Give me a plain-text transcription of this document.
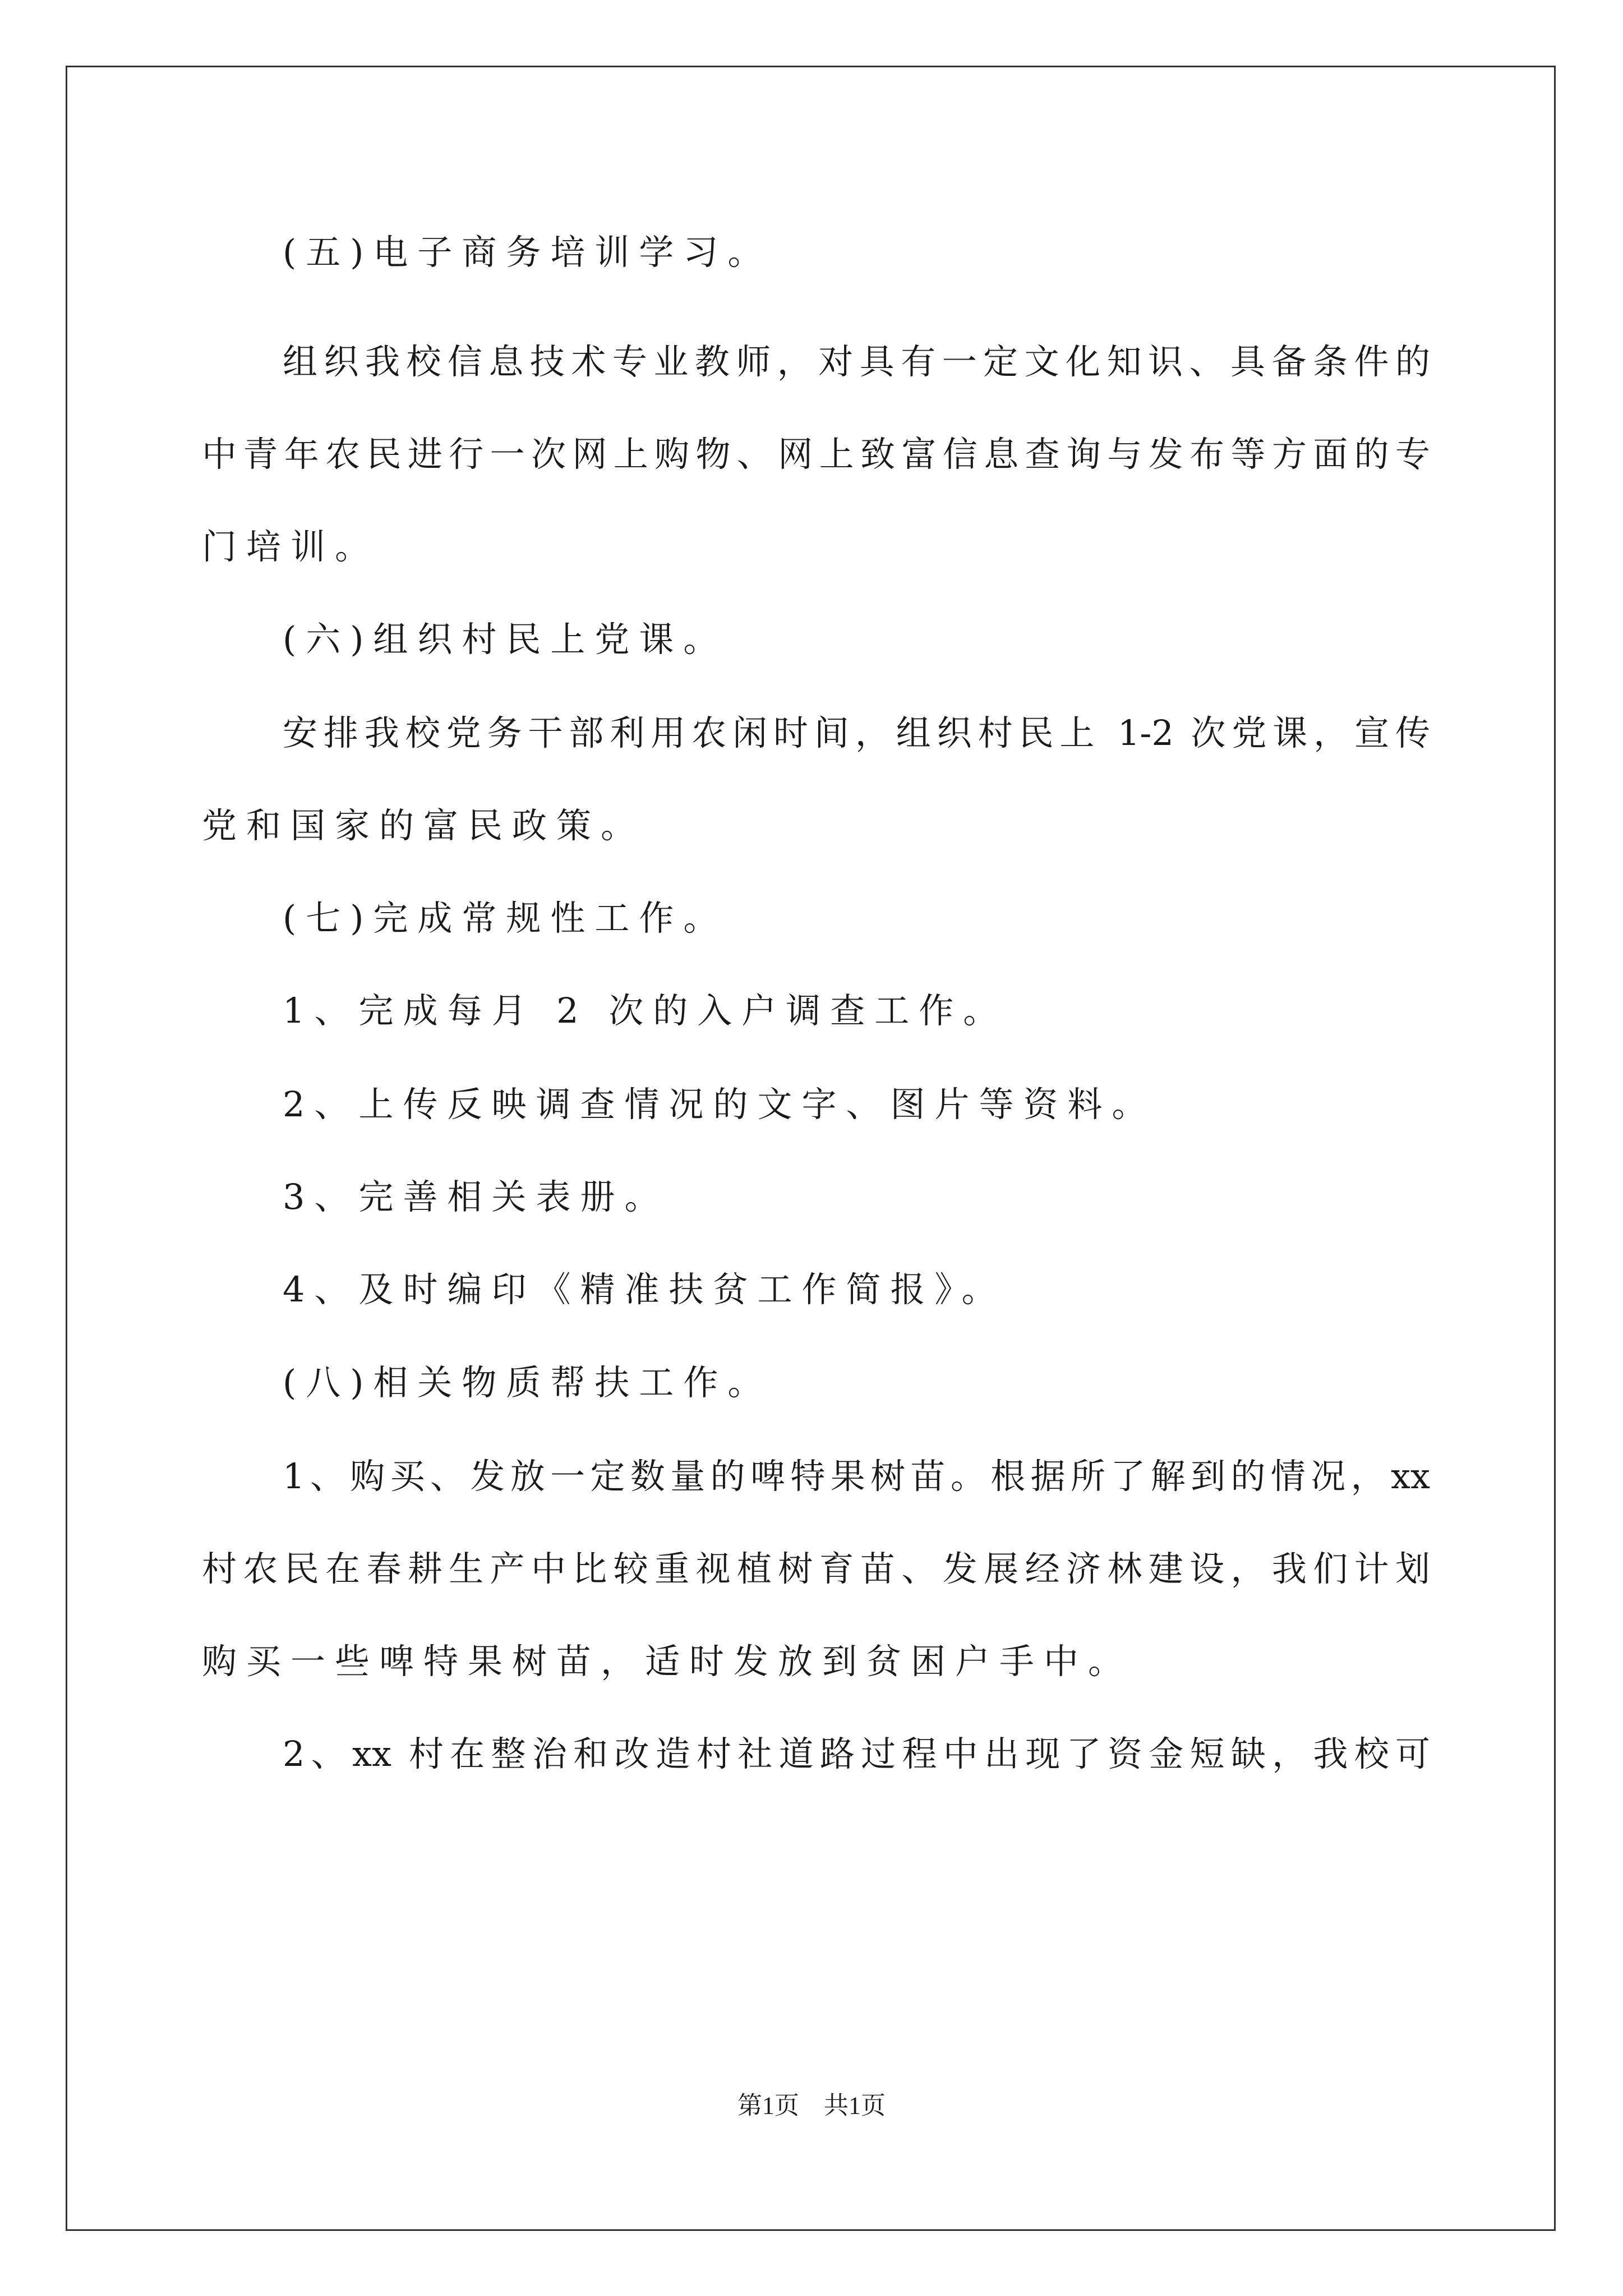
(五)电子商务培训学习。
组织我校信息技术专业教师，对具有一定文化知识、具备条件的
中青年农民进行一次网上购物、网上致富信息查询与发布等方面的专
门培训。
(六)组织村民上党课。
安排我校党务干部利用农闲时间，组织村民上 1-2 次党课，宣传
党和国家的富民政策。
(七)完成常规性工作。
1、完成每月 2 次的入户调查工作。
2、上传反映调查情况的文字、图片等资料。
3、完善相关表册。
4、及时编印《精准扶贫工作简报》。
(八)相关物质帮扶工作。
1、购买、发放一定数量的啤特果树苗。根据所了解到的情况，xx
村农民在春耕生产中比较重视植树育苗、发展经济林建设，我们计划
购买一些啤特果树苗，适时发放到贫困户手中。
2、xx 村在整治和改造村社道路过程中出现了资金短缺，我校可
第1页　共1页
